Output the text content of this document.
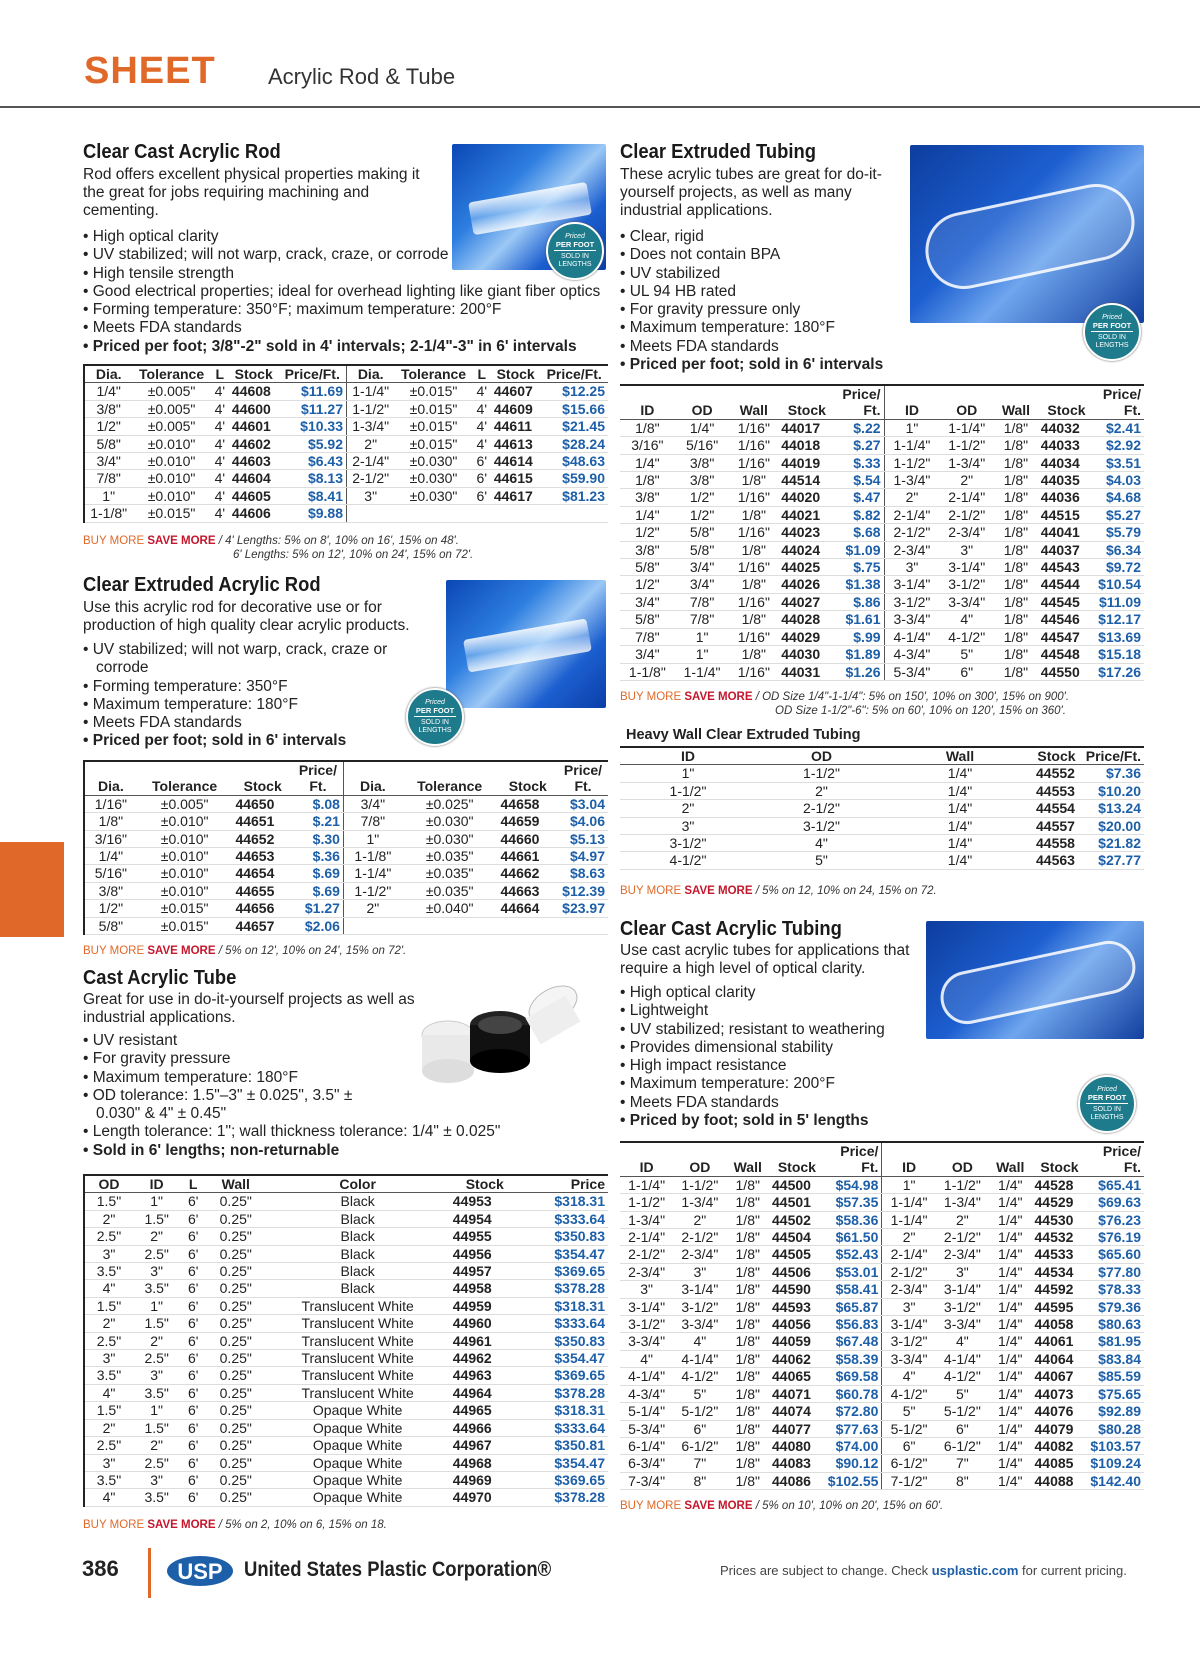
SHEET Acrylic Rod & Tube
Clear Cast Acrylic Rod
Rod offers excellent physical properties making it the great for jobs requiring machining and cementing.
Priced
PER FOOT
SOLD IN LENGTHS
• High optical clarity
• UV stabilized; will not warp, crack, craze, or corrode
• High tensile strength
• Good electrical properties; ideal for overhead lighting like giant fiber optics
• Forming temperature: 350°F; maximum temperature: 200°F
• Meets FDA standards
• Priced per foot; 3/8"-2" sold in 4' intervals; 2-1/4"-3" in 6' intervals
Dia.	Tolerance	L	Stock	Price/Ft.	Dia.	Tolerance	L	Stock	Price/Ft.
1/4"	±0.005"	4'	44608	$11.69	1-1/4"	±0.015"	4'	44607	$12.25
3/8"	±0.005"	4'	44600	$11.27	1-1/2"	±0.015"	4'	44609	$15.66
1/2"	±0.005"	4'	44601	$10.33	1-3/4"	±0.015"	4'	44611	$21.45
5/8"	±0.010"	4'	44602	$5.92	2"	±0.015"	4'	44613	$28.24
3/4"	±0.010"	4'	44603	$6.43	2-1/4"	±0.030"	6'	44614	$48.63
7/8"	±0.010"	4'	44604	$8.13	2-1/2"	±0.030"	6'	44615	$59.90
1"	±0.010"	4'	44605	$8.41	3"	±0.030"	6'	44617	$81.23
1-1/8"	±0.015"	4'	44606	$9.88					
BUY MORE SAVE MORE / 4' Lengths: 5% on 8', 10% on 16', 15% on 48'.
6' Lengths: 5% on 12', 10% on 24', 15% on 72'.
Clear Extruded Acrylic Rod
Use this acrylic rod for decorative use or for production of high quality clear acrylic products.
Priced
PER FOOT
SOLD IN LENGTHS
• UV stabilized; will not warp, crack, craze or corrode
• Forming temperature: 350°F
• Maximum temperature: 180°F
• Meets FDA standards
• Priced per foot; sold in 6' intervals
Dia.	Tolerance	Stock	Price/ Ft.	Dia.	Tolerance	Stock	Price/ Ft.
1/16"	±0.005"	44650	$.08	3/4"	±0.025"	44658	$3.04
1/8"	±0.010"	44651	$.21	7/8"	±0.030"	44659	$4.06
3/16"	±0.010"	44652	$.30	1"	±0.030"	44660	$5.13
1/4"	±0.010"	44653	$.36	1-1/8"	±0.035"	44661	$4.97
5/16"	±0.010"	44654	$.69	1-1/4"	±0.035"	44662	$8.63
3/8"	±0.010"	44655	$.69	1-1/2"	±0.035"	44663	$12.39
1/2"	±0.015"	44656	$1.27	2"	±0.040"	44664	$23.97
5/8"	±0.015"	44657	$2.06				
BUY MORE SAVE MORE / 5% on 12', 10% on 24', 15% on 72'.
Cast Acrylic Tube
Great for use in do-it-yourself projects as well as industrial applications.
• UV resistant
• For gravity pressure
• Maximum temperature: 180°F
• OD tolerance: 1.5"–3" ± 0.025", 3.5" ± 0.030" & 4" ± 0.45"
• Length tolerance: 1"; wall thickness tolerance: 1/4" ± 0.025"
• Sold in 6' lengths; non-returnable
OD	ID	L	Wall	Color	Stock	Price
1.5"	1"	6'	0.25"	Black	44953	$318.31
2"	1.5"	6'	0.25"	Black	44954	$333.64
2.5"	2"	6'	0.25"	Black	44955	$350.83
3"	2.5"	6'	0.25"	Black	44956	$354.47
3.5"	3"	6'	0.25"	Black	44957	$369.65
4"	3.5"	6'	0.25"	Black	44958	$378.28
1.5"	1"	6'	0.25"	Translucent White	44959	$318.31
2"	1.5"	6'	0.25"	Translucent White	44960	$333.64
2.5"	2"	6'	0.25"	Translucent White	44961	$350.83
3"	2.5"	6'	0.25"	Translucent White	44962	$354.47
3.5"	3"	6'	0.25"	Translucent White	44963	$369.65
4"	3.5"	6'	0.25"	Translucent White	44964	$378.28
1.5"	1"	6'	0.25"	Opaque White	44965	$318.31
2"	1.5"	6'	0.25"	Opaque White	44966	$333.64
2.5"	2"	6'	0.25"	Opaque White	44967	$350.81
3"	2.5"	6'	0.25"	Opaque White	44968	$354.47
3.5"	3"	6'	0.25"	Opaque White	44969	$369.65
4"	3.5"	6'	0.25"	Opaque White	44970	$378.28
BUY MORE SAVE MORE / 5% on 2, 10% on 6, 15% on 18.
Clear Extruded Tubing
These acrylic tubes are great for do-it-yourself projects, as well as many industrial applications.
Priced
PER FOOT
SOLD IN LENGTHS
• Clear, rigid
• Does not contain BPA
• UV stabilized
• UL 94 HB rated
• For gravity pressure only
• Maximum temperature: 180°F
• Meets FDA standards
• Priced per foot; sold in 6' intervals
ID	OD	Wall	Stock	Price/ Ft.	ID	OD	Wall	Stock	Price/ Ft.
1/8"	1/4"	1/16"	44017	$.22	1"	1-1/4"	1/8"	44032	$2.41
3/16"	5/16"	1/16"	44018	$.27	1-1/4"	1-1/2"	1/8"	44033	$2.92
1/4"	3/8"	1/16"	44019	$.33	1-1/2"	1-3/4"	1/8"	44034	$3.51
1/8"	3/8"	1/8"	44514	$.54	1-3/4"	2"	1/8"	44035	$4.03
3/8"	1/2"	1/16"	44020	$.47	2"	2-1/4"	1/8"	44036	$4.68
1/4"	1/2"	1/8"	44021	$.82	2-1/4"	2-1/2"	1/8"	44515	$5.27
1/2"	5/8"	1/16"	44023	$.68	2-1/2"	2-3/4"	1/8"	44041	$5.79
3/8"	5/8"	1/8"	44024	$1.09	2-3/4"	3"	1/8"	44037	$6.34
5/8"	3/4"	1/16"	44025	$.75	3"	3-1/4"	1/8"	44543	$9.72
1/2"	3/4"	1/8"	44026	$1.38	3-1/4"	3-1/2"	1/8"	44544	$10.54
3/4"	7/8"	1/16"	44027	$.86	3-1/2"	3-3/4"	1/8"	44545	$11.09
5/8"	7/8"	1/8"	44028	$1.61	3-3/4"	4"	1/8"	44546	$12.17
7/8"	1"	1/16"	44029	$.99	4-1/4"	4-1/2"	1/8"	44547	$13.69
3/4"	1"	1/8"	44030	$1.89	4-3/4"	5"	1/8"	44548	$15.18
1-1/8"	1-1/4"	1/16"	44031	$1.26	5-3/4"	6"	1/8"	44550	$17.26
BUY MORE SAVE MORE / OD Size 1/4"-1-1/4": 5% on 150', 10% on 300', 15% on 900'.
OD Size 1-1/2"-6": 5% on 60', 10% on 120', 15% on 360'.
Heavy Wall Clear Extruded Tubing
ID	OD	Wall	Stock	Price/Ft.
1"	1-1/2"	1/4"	44552	$7.36
1-1/2"	2"	1/4"	44553	$10.20
2"	2-1/2"	1/4"	44554	$13.24
3"	3-1/2"	1/4"	44557	$20.00
3-1/2"	4"	1/4"	44558	$21.82
4-1/2"	5"	1/4"	44563	$27.77
BUY MORE SAVE MORE / 5% on 12, 10% on 24, 15% on 72.
Clear Cast Acrylic Tubing
Use cast acrylic tubes for applications that require a high level of optical clarity.
Priced
PER FOOT
SOLD IN LENGTHS
• High optical clarity
• Lightweight
• UV stabilized; resistant to weathering
• Provides dimensional stability
• High impact resistance
• Maximum temperature: 200°F
• Meets FDA standards
• Priced by foot; sold in 5' lengths
ID	OD	Wall	Stock	Price/ Ft.	ID	OD	Wall	Stock	Price/ Ft.
1-1/4"	1-1/2"	1/8"	44500	$54.98	1"	1-1/2"	1/4"	44528	$65.41
1-1/2"	1-3/4"	1/8"	44501	$57.35	1-1/4"	1-3/4"	1/4"	44529	$69.63
1-3/4"	2"	1/8"	44502	$58.36	1-1/4"	2"	1/4"	44530	$76.23
2-1/4"	2-1/2"	1/8"	44504	$61.50	2"	2-1/2"	1/4"	44532	$76.19
2-1/2"	2-3/4"	1/8"	44505	$52.43	2-1/4"	2-3/4"	1/4"	44533	$65.60
2-3/4"	3"	1/8"	44506	$53.01	2-1/2"	3"	1/4"	44534	$77.80
3"	3-1/4"	1/8"	44590	$58.41	2-3/4"	3-1/4"	1/4"	44592	$78.33
3-1/4"	3-1/2"	1/8"	44593	$65.87	3"	3-1/2"	1/4"	44595	$79.36
3-1/2"	3-3/4"	1/8"	44056	$56.83	3-1/4"	3-3/4"	1/4"	44058	$80.63
3-3/4"	4"	1/8"	44059	$67.48	3-1/2"	4"	1/4"	44061	$81.95
4"	4-1/4"	1/8"	44062	$58.39	3-3/4"	4-1/4"	1/4"	44064	$83.84
4-1/4"	4-1/2"	1/8"	44065	$69.58	4"	4-1/2"	1/4"	44067	$85.59
4-3/4"	5"	1/8"	44071	$60.78	4-1/2"	5"	1/4"	44073	$75.65
5-1/4"	5-1/2"	1/8"	44074	$72.80	5"	5-1/2"	1/4"	44076	$92.89
5-3/4"	6"	1/8"	44077	$77.63	5-1/2"	6"	1/4"	44079	$80.28
6-1/4"	6-1/2"	1/8"	44080	$74.00	6"	6-1/2"	1/4"	44082	$103.57
6-3/4"	7"	1/8"	44083	$90.12	6-1/2"	7"	1/4"	44085	$109.24
7-3/4"	8"	1/8"	44086	$102.55	7-1/2"	8"	1/4"	44088	$142.40
BUY MORE SAVE MORE / 5% on 10', 10% on 20', 15% on 60'.
386	USP United States Plastic Corporation®	Prices are subject to change. Check usplastic.com for current pricing.
